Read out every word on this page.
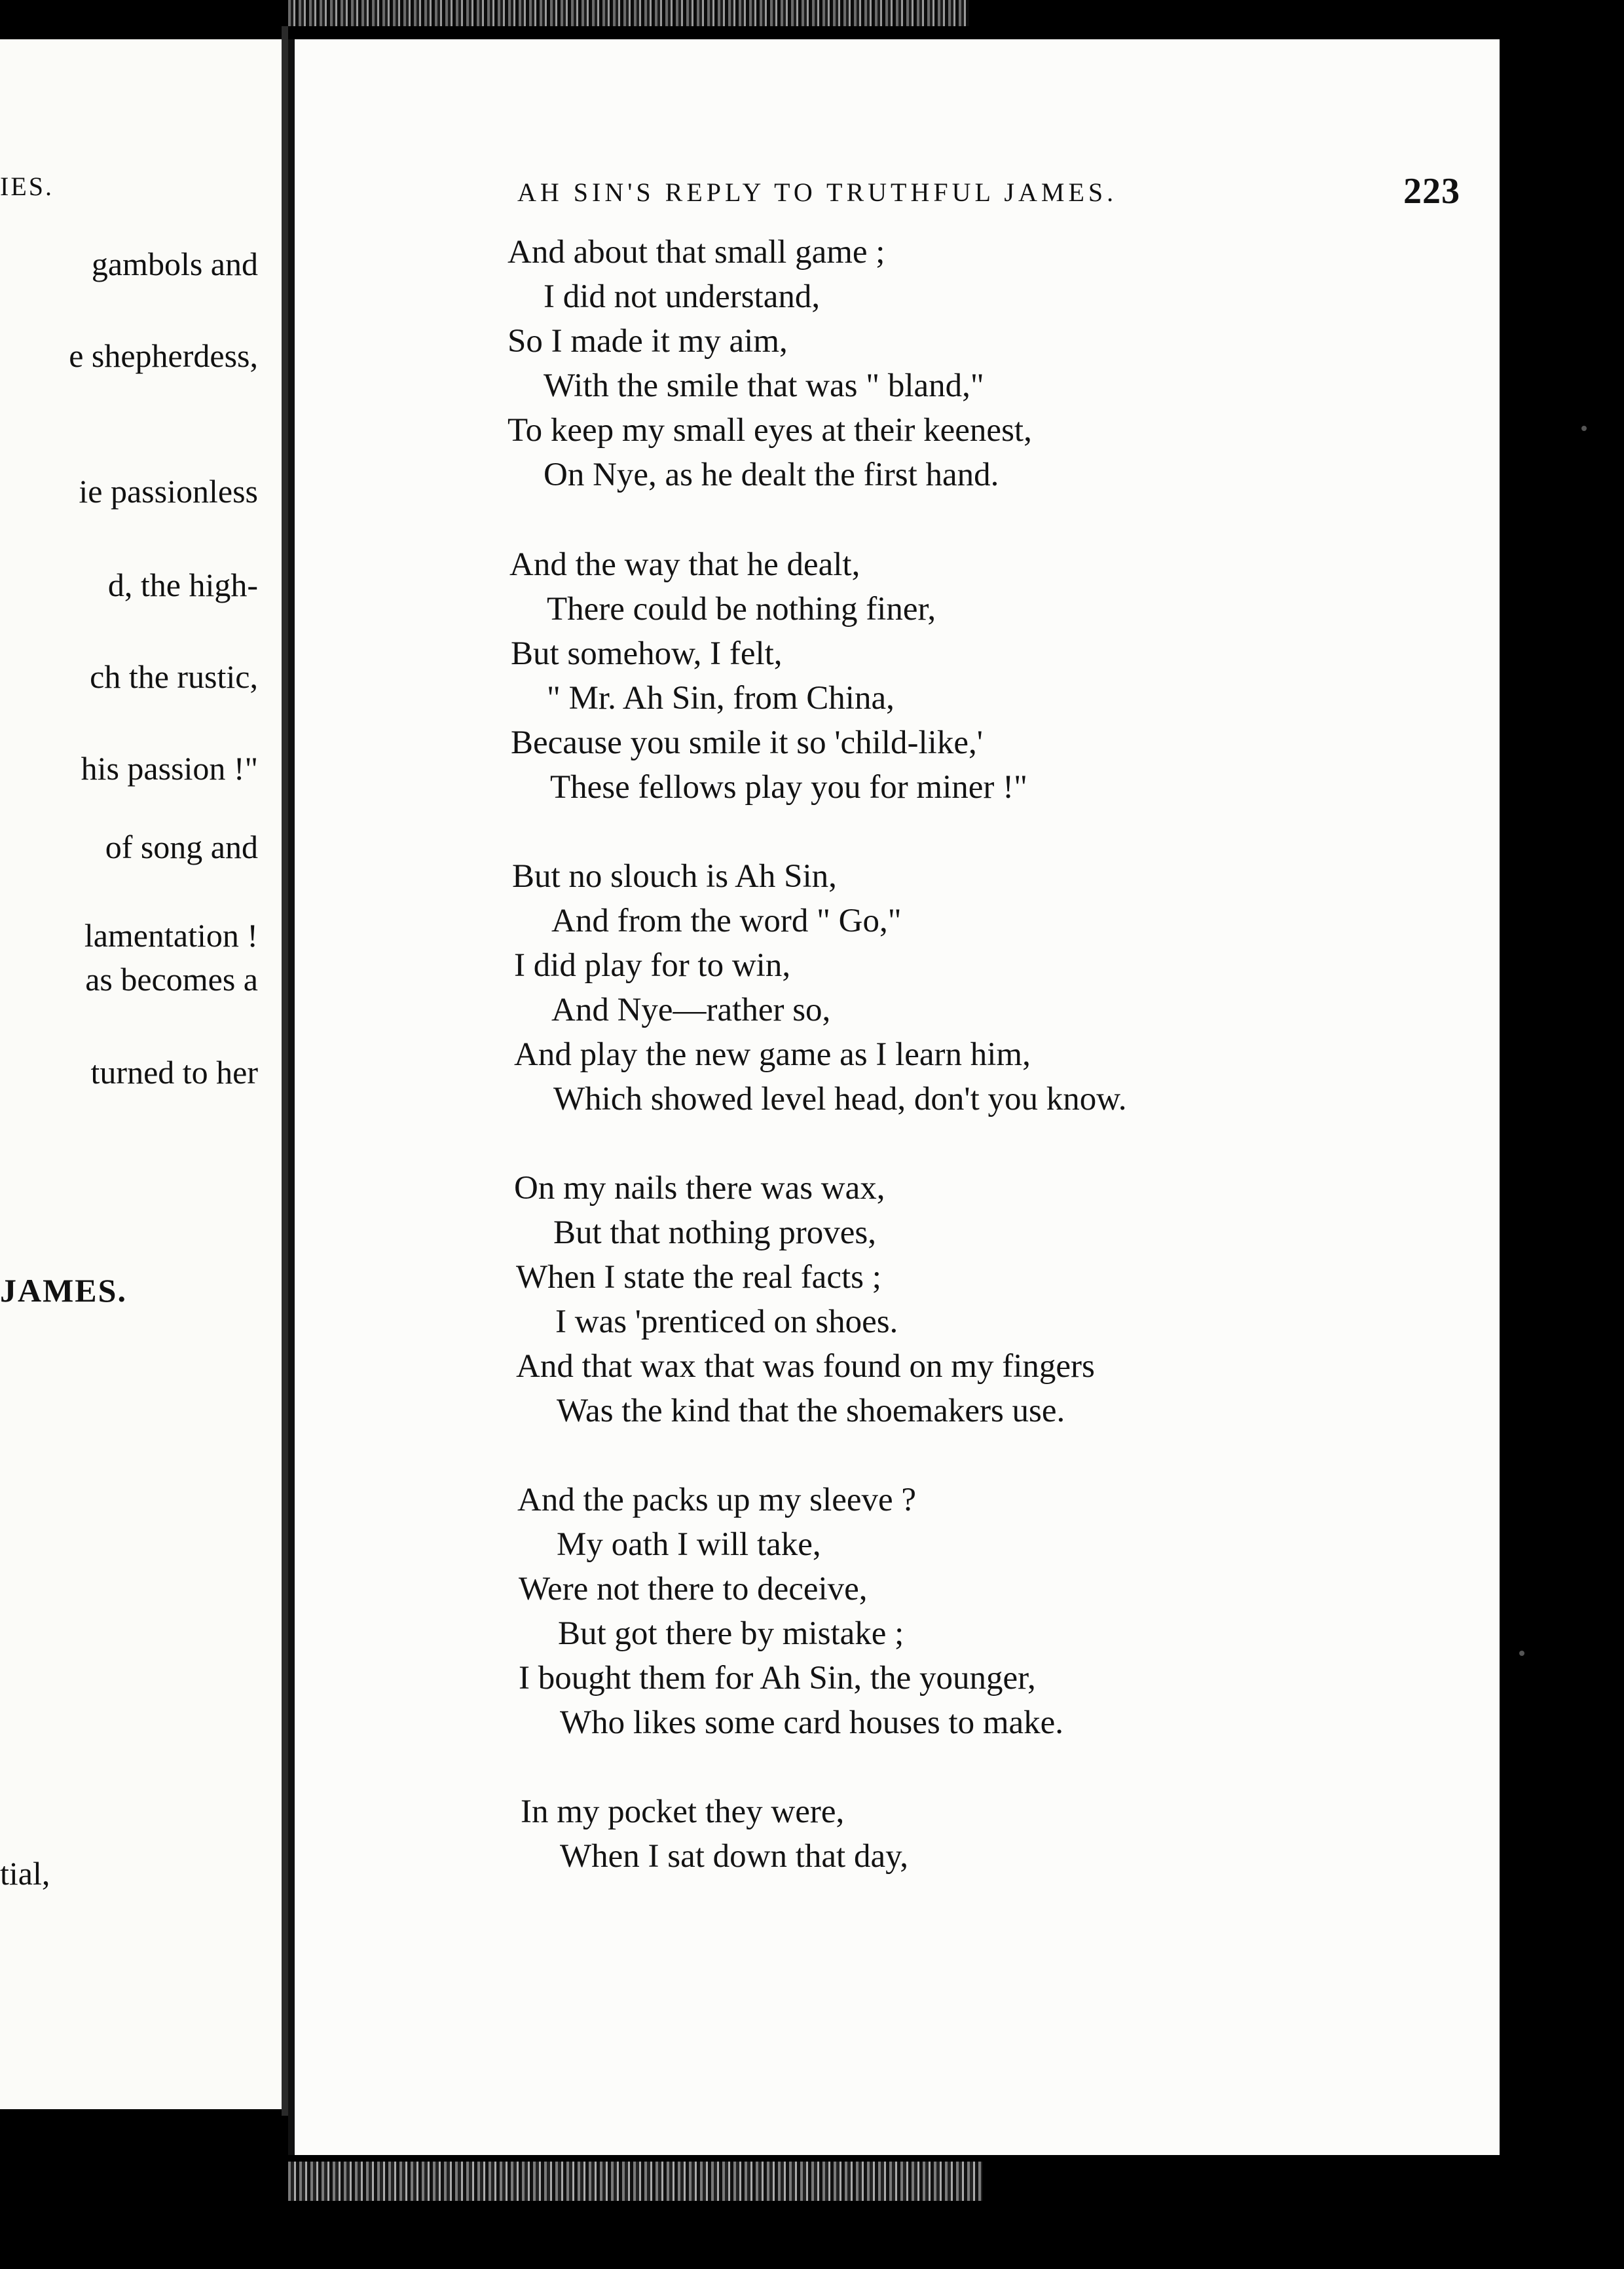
IES.
gambols and
e shepherdess,
ie passionless
d, the high-
ch the rustic,
his passion !"
of song and
lamentation !
as becomes a
turned to her
JAMES.
tial,
AH SIN'S REPLY TO TRUTHFUL JAMES.	223
And about that small game ;
I did not understand,
So I made it my aim,
With the smile that was " bland,"
To keep my small eyes at their keenest,
On Nye, as he dealt the first hand.
And the way that he dealt,
There could be nothing finer,
But somehow, I felt,
" Mr. Ah Sin, from China,
Because you smile it so 'child-like,'
These fellows play you for miner !"
But no slouch is Ah Sin,
And from the word " Go,"
I did play for to win,
And Nye—rather so,
And play the new game as I learn him,
Which showed level head, don't you know.
On my nails there was wax,
But that nothing proves,
When I state the real facts ;
I was 'prenticed on shoes.
And that wax that was found on my fingers
Was the kind that the shoemakers use.
And the packs up my sleeve ?
My oath I will take,
Were not there to deceive,
But got there by mistake ;
I bought them for Ah Sin, the younger,
Who likes some card houses to make.
In my pocket they were,
When I sat down that day,
